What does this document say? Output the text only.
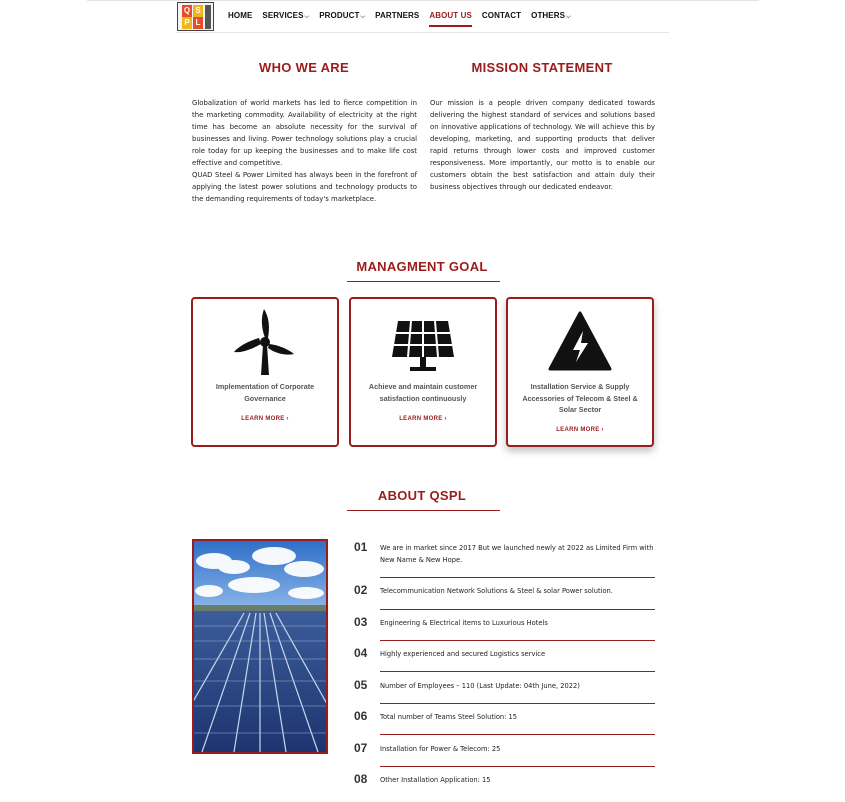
Q S
P L
HOME SERVICES⌵ PRODUCT⌵ PARTNERS ABOUT US CONTACT OTHERS⌵
WHO WE ARE	MISSION STATEMENT
Globalization of world markets has led to fierce competition in the marketing commodity. Availability of electricity at the right time has become an absolute necessity for the survival of businesses and living. Power technology solutions play a crucial role today for up keeping the businesses and to make life cost effective and competitive.
QUAD Steel & Power Limited has always been in the forefront of applying the latest power solutions and technology products to the demanding requirements of today's marketplace.
Our mission is a people driven company dedicated towards delivering the highest standard of services and solutions based on innovative applications of technology. We will achieve this by developing, marketing, and supporting products that deliver rapid returns through lower costs and improved customer responsiveness. More importantly, our motto is to enable our customers obtain the best satisfaction and attain duly their business objectives through our dedicated endeavor.
MANAGMENT GOAL
Implementation of Corporate Governance
LEARN MORE ›
Achieve and maintain customer satisfaction continuously
LEARN MORE ›
Installation Service & Supply Accessories of Telecom & Steel & Solar Sector
LEARN MORE ›
ABOUT QSPL
01 We are in market since 2017 But we launched newly at 2022 as Limited Firm with New Name & New Hope.
02 Telecommunication Network Solutions & Steel & solar Power solution.
03 Engineering & Electrical items to Luxurious Hotels
04 Highly experienced and secured Logistics service
05 Number of Employees – 110 (Last Update: 04th June, 2022)
06 Total number of Teams Steel Solution: 15
07 Installation for Power & Telecom: 25
08 Other Installation Application: 15
